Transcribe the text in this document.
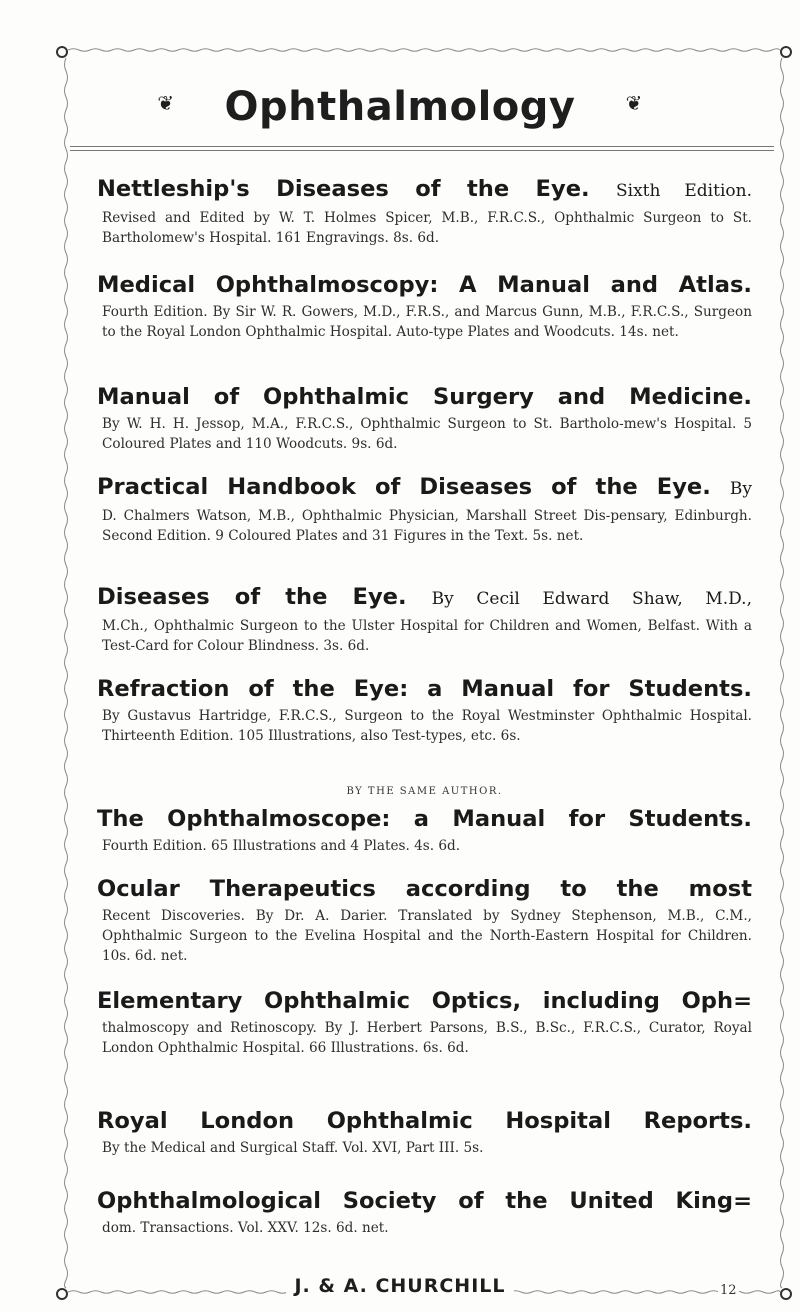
❦ Ophthalmology	❦
Nettleship's Diseases of the Eye. Sixth Edition.

Revised and Edited by W. T. Holmes Spicer, M.B., F.R.C.S., Ophthalmic Surgeon to St. Bartholomew's Hospital. 161 Engravings. 8s. 6d.

Medical Ophthalmoscopy: A Manual and Atlas.

Fourth Edition. By Sir W. R. Gowers, M.D., F.R.S., and Marcus Gunn, M.B., F.R.C.S., Surgeon to the Royal London Ophthalmic Hospital. Auto-type Plates and Woodcuts. 14s. net.

Manual of Ophthalmic Surgery and Medicine.

By W. H. H. Jessop, M.A., F.R.C.S., Ophthalmic Surgeon to St. Bartholo-mew's Hospital. 5 Coloured Plates and 110 Woodcuts. 9s. 6d.

Practical Handbook of Diseases of the Eye. By

D. Chalmers Watson, M.B., Ophthalmic Physician, Marshall Street Dis-pensary, Edinburgh. Second Edition. 9 Coloured Plates and 31 Figures in the Text. 5s. net.

Diseases of the Eye. By Cecil Edward Shaw, M.D.,

M.Ch., Ophthalmic Surgeon to the Ulster Hospital for Children and Women, Belfast. With a Test-Card for Colour Blindness. 3s. 6d.

Refraction of the Eye: a Manual for Students.

By Gustavus Hartridge, F.R.C.S., Surgeon to the Royal Westminster Ophthalmic Hospital. Thirteenth Edition. 105 Illustrations, also Test-types, etc. 6s.

BY THE SAME AUTHOR.
The Ophthalmoscope: a Manual for Students.

Fourth Edition. 65 Illustrations and 4 Plates. 4s. 6d.

Ocular Therapeutics according to the most

Recent Discoveries. By Dr. A. Darier. Translated by Sydney Stephenson, M.B., C.M., Ophthalmic Surgeon to the Evelina Hospital and the North-Eastern Hospital for Children. 10s. 6d. net.

Elementary Ophthalmic Optics, including Oph=

thalmoscopy and Retinoscopy. By J. Herbert Parsons, B.S., B.Sc., F.R.C.S., Curator, Royal London Ophthalmic Hospital. 66 Illustrations. 6s. 6d.

Royal London Ophthalmic Hospital Reports.

By the Medical and Surgical Staff. Vol. XVI, Part III. 5s.

Ophthalmological Society of the United King=

dom. Transactions. Vol. XXV. 12s. 6d. net.

J. & A. CHURCHILL	12
